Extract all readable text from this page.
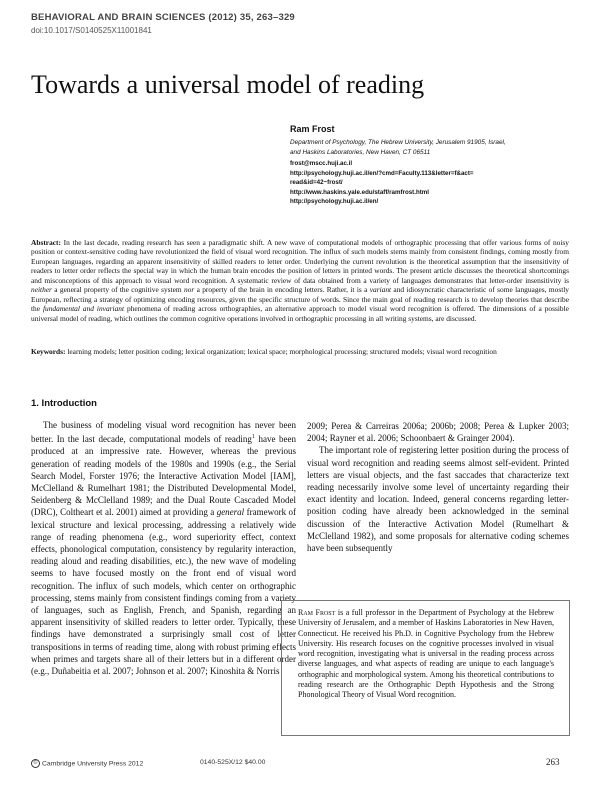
BEHAVIORAL AND BRAIN SCIENCES (2012) 35, 263–329
doi:10.1017/S0140525X11001841
Towards a universal model of reading
Ram Frost
Department of Psychology, The Hebrew University, Jerusalem 91905, Israel,
and Haskins Laboratories, New Haven, CT 06511
frost@mscc.huji.ac.il
http://psychology.huji.ac.il/en/?cmd=Faculty.113&letter=f&act=
read&id=42~frost/
http://www.haskins.yale.edu/staff/ramfrost.html
http://psychology.huji.ac.il/en/
Abstract: In the last decade, reading research has seen a paradigmatic shift. A new wave of computational models of orthographic processing that offer various forms of noisy position or context-sensitive coding have revolutionized the field of visual word recognition. The influx of such models stems mainly from consistent findings, coming mostly from European languages, regarding an apparent insensitivity of skilled readers to letter order. Underlying the current revolution is the theoretical assumption that the insensitivity of readers to letter order reflects the special way in which the human brain encodes the position of letters in printed words. The present article discusses the theoretical shortcomings and misconceptions of this approach to visual word recognition. A systematic review of data obtained from a variety of languages demonstrates that letter-order insensitivity is neither a general property of the cognitive system nor a property of the brain in encoding letters. Rather, it is a variant and idiosyncratic characteristic of some languages, mostly European, reflecting a strategy of optimizing encoding resources, given the specific structure of words. Since the main goal of reading research is to develop theories that describe the fundamental and invariant phenomena of reading across orthographies, an alternative approach to model visual word recognition is offered. The dimensions of a possible universal model of reading, which outlines the common cognitive operations involved in orthographic processing in all writing systems, are discussed.
Keywords: learning models; letter position coding; lexical organization; lexical space; morphological processing; structured models; visual word recognition
1. Introduction

The business of modeling visual word recognition has never been better. In the last decade, computational models of reading$^1$ have been produced at an impressive rate. However, whereas the previous generation of reading models of the 1980s and 1990s (e.g., the Serial Search Model, Forster 1976; the Interactive Activation Model [IAM], McClelland & Rumelhart 1981; the Distributed Developmental Model, Seidenberg & McClelland 1989; and the Dual Route Cascaded Model (DRC), Coltheart et al. 2001) aimed at providing a general framework of lexical structure and lexical processing, addressing a relatively wide range of reading phenomena (e.g., word superiority effect, context effects, phonological computation, consistency by regularity interaction, reading aloud and reading disabilities, etc.), the new wave of modeling seems to have focused mostly on the front end of visual word recognition. The influx of such models, which center on orthographic processing, stems mainly from consistent findings coming from a variety of languages, such as English, French, and Spanish, regarding an apparent insensitivity of skilled readers to letter order. Typically, these findings have demonstrated a surprisingly small cost of letter transpositions in terms of reading time, along with robust priming effects when primes and targets share all of their letters but in a different order (e.g., Duñabeitia et al. 2007; Johnson et al. 2007; Kinoshita & Norris

2009; Perea & Carreiras 2006a; 2006b; 2008; Perea & Lupker 2003; 2004; Rayner et al. 2006; Schoonbaert & Grainger 2004).

The important role of registering letter position during the process of visual word recognition and reading seems almost self-evident. Printed letters are visual objects, and the fast saccades that characterize text reading necessarily involve some level of uncertainty regarding their exact identity and location. Indeed, general concerns regarding letter-position coding have already been acknowledged in the seminal discussion of the Interactive Activation Model (Rumelhart & McClelland 1982), and some proposals for alternative coding schemes have been subsequently

Ram Frost is a full professor in the Department of Psychology at the Hebrew University of Jerusalem, and a member of Haskins Laboratories in New Haven, Connecticut. He received his Ph.D. in Cognitive Psychology from the Hebrew University. His research focuses on the cognitive processes involved in visual word recognition, investigating what is universal in the reading process across diverse languages, and what aspects of reading are unique to each language's orthographic and morphological system. Among his theoretical contributions to reading research are the Orthographic Depth Hypothesis and the Strong Phonological Theory of Visual Word recognition.
© Cambridge University Press 2012	0140-525X/12 $40.00	263
